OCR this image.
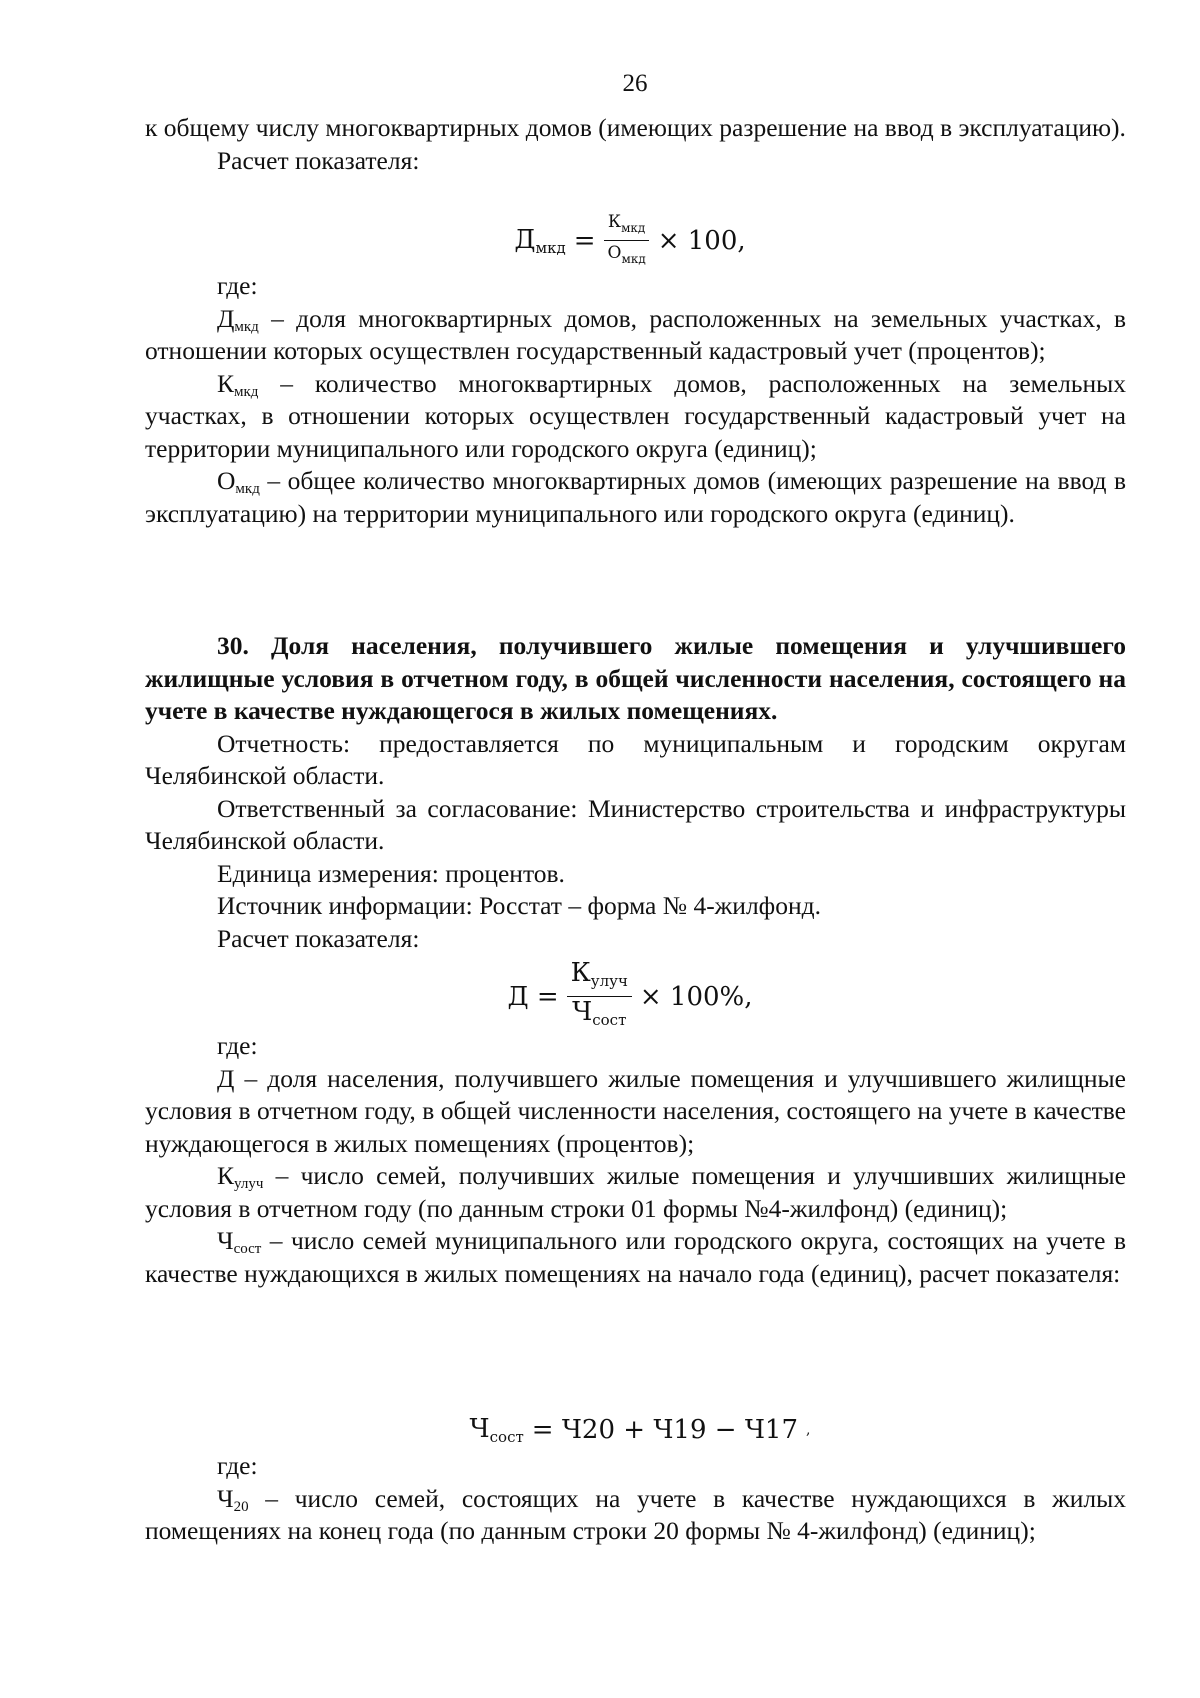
26

к общему числу многоквартирных домов (имеющих разрешение на ввод в эксплуатацию).

Расчет показателя:

Дмкд = $\frac{К_{мкд}}{О_{мкд}} \times 100$,

где:

$Д_{мкд}$ – доля многоквартирных домов, расположенных на земельных участках, в отношении которых осуществлен государственный кадастровый учет (процентов);

$К_{мкд}$ – количество многоквартирных домов, расположенных на земельных участках, в отношении которых осуществлен государственный кадастровый учет на территории муниципального или городского округа (единиц);

$О_{мкд}$ – общее количество многоквартирных домов (имеющих разрешение на ввод в эксплуатацию) на территории муниципального или городского округа (единиц).

30. Доля населения, получившего жилые помещения и улучшившего жилищные условия в отчетном году, в общей численности населения, состоящего на учете в качестве нуждающегося в жилых помещениях.

Отчетность: предоставляется по муниципальным и городским округам Челябинской области.

Ответственный за согласование: Министерство строительства и инфраструктуры Челябинской области.

Единица измерения: процентов.

Источник информации: Росстат – форма № 4-жилфонд.

Расчет показателя:

$Д = \frac{\text{Кулуч}}{\text{Чсост}} \times 100\%$,

где:

Д – доля населения, получившего жилые помещения и улучшившего жилищные условия в отчетном году, в общей численности населения, состоящего на учете в качестве нуждающегося в жилых помещениях (процентов);

$К_{улуч}$ – число семей, получивших жилые помещения и улучшивших жилищные условия в отчетном году (по данным строки 01 формы №4-жилфонд) (единиц);

$Ч_{сост}$ – число семей муниципального или городского округа, состоящих на учете в качестве нуждающихся в жилых помещениях на начало года (единиц), расчет показателя:

Чсост = Ч20 + Ч19 − Ч17 ,

где:

$Ч_{20}$ – число семей, состоящих на учете в качестве нуждающихся в жилых помещениях на конец года (по данным строки 20 формы № 4-жилфонд) (единиц);
